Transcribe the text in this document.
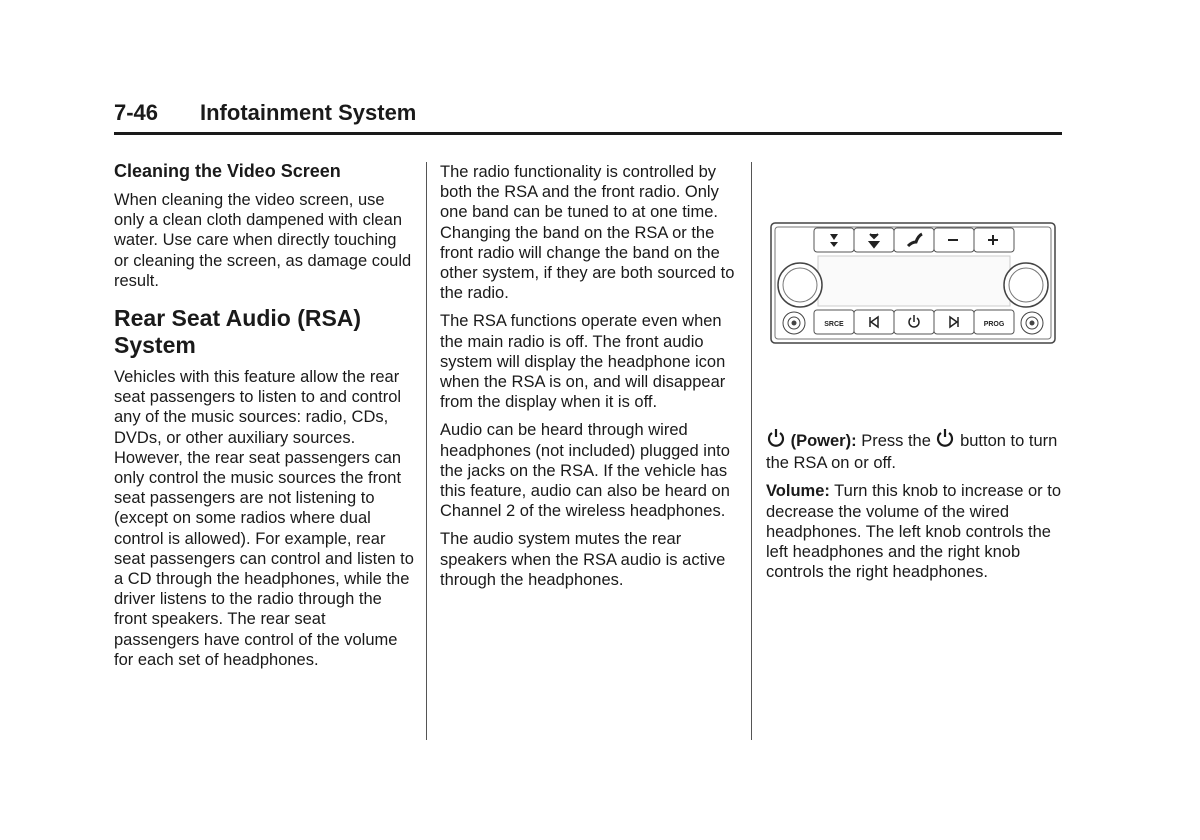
7-46 Infotainment System
Cleaning the Video Screen

When cleaning the video screen, use only a clean cloth dampened with clean water. Use care when directly touching or cleaning the screen, as damage could result.

Rear Seat Audio (RSA) System

Vehicles with this feature allow the rear seat passengers to listen to and control any of the music sources: radio, CDs, DVDs, or other auxiliary sources. However, the rear seat passengers can only control the music sources the front seat passengers are not listening to (except on some radios where dual control is allowed). For example, rear seat passengers can control and listen to a CD through the headphones, while the driver listens to the radio through the front speakers. The rear seat passengers have control of the volume for each set of headphones.

The radio functionality is controlled by both the RSA and the front radio. Only one band can be tuned to at one time. Changing the band on the RSA or the front radio will change the band on the other system, if they are both sourced to the radio.

The RSA functions operate even when the main radio is off. The front audio system will display the headphone icon when the RSA is on, and will disappear from the display when it is off.

Audio can be heard through wired headphones (not included) plugged into the jacks on the RSA. If the vehicle has this feature, audio can also be heard on Channel 2 of the wireless headphones.

The audio system mutes the rear speakers when the RSA audio is active through the headphones.

SRCE	PROG

(Power): Press the button to turn the RSA on or off.

Volume: Turn this knob to increase or to decrease the volume of the wired headphones. The left knob controls the left headphones and the right knob controls the right headphones.
